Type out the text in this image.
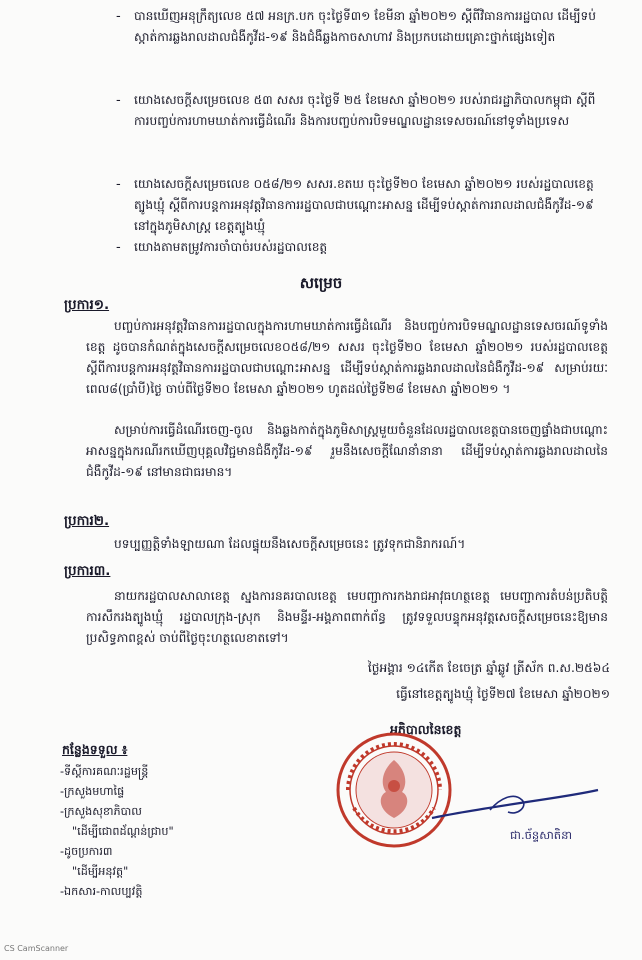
- បានឃើញអនុក្រឹត្យលេខ ៥៧ អនក្រ.បក ចុះថ្ងៃទី៣១ ខែមីនា ឆ្នាំ២០២១ ស្ដីពីវិធានការរដ្ឋបាល ដើម្បីទប់ស្កាត់ការឆ្លងរាលដាលជំងឺកូវីដ-១៩ និងជំងឺឆ្លងកាចសាហាវ និងប្រកបដោយគ្រោះថ្នាក់ផ្សេងទៀត
- យោងសេចក្តីសម្រេចលេខ ៥៣ សសរ ចុះថ្ងៃទី ២៥ ខែមេសា ឆ្នាំ២០២១ របស់រាជរដ្ឋាភិបាលកម្ពុជា ស្ដីពីការបញ្ចប់ការហាមឃាត់ការធ្វើដំណើរ និងការបញ្ចប់ការបិទមណ្ឌលដ្ឋានទេសចរណ៍នៅទូទាំងប្រទេស
- យោងសេចក្តីសម្រេចលេខ ០៥៨/២១ សសរ.ខតឃ ចុះថ្ងៃទី២០ ខែមេសា ឆ្នាំ២០២១ របស់រដ្ឋបាលខេត្តត្បូងឃ្មុំ ស្ដីពីការបន្តការអនុវត្តវិធានការរដ្ឋបាលជាបណ្តោះអាសន្ន ដើម្បីទប់ស្កាត់ការរាលដាលជំងឺកូវីដ-១៩ នៅក្នុងភូមិសាស្ត្រ ខេត្តត្បូងឃ្មុំ
- យោងតាមតម្រូវការចាំបាច់របស់រដ្ឋបាលខេត្ត
សម្រេច
ប្រការ១.
បញ្ចប់ការអនុវត្តវិធានការរដ្ឋបាលក្នុងការហាមឃាត់ការធ្វើដំណើរ និងបញ្ចប់ការបិទមណ្ឌលដ្ឋានទេសចរណ៍ទូទាំងខេត្ត ដូចបានកំណត់ក្នុងសេចក្តីសម្រេចលេខ០៥៨/២១ សសរ ចុះថ្ងៃទី២០ ខែមេសា ឆ្នាំ២០២១ របស់រដ្ឋបាលខេត្ត ស្ដីពីការបន្តការអនុវត្តវិធានការរដ្ឋបាលជាបណ្តោះអាសន្ន ដើម្បីទប់ស្កាត់ការឆ្លងរាលដាលនៃជំងឺកូវីដ-១៩ សម្រាប់រយៈពេល៨(ប្រាំបី)ថ្ងៃ ចាប់ពីថ្ងៃទី២០ ខែមេសា ឆ្នាំ២០២១ ហូតដល់ថ្ងៃទី២៨ ខែមេសា ឆ្នាំ២០២១ ។
សម្រាប់ការធ្វើដំណើរចេញ-ចូល និងឆ្លងកាត់ក្នុងភូមិសាស្ត្រមួយចំនួនដែលរដ្ឋបាលខេត្តបានចេញផ្ទាំងជាបណ្តោះអាសន្នក្នុងករណីរកឃើញបុគ្គលវិជ្ជមានជំងឺកូវីដ-១៩ រួមនឹងសេចក្តីណែនាំនានា ដើម្បីទប់ស្កាត់ការឆ្លងរាលដាលនៃជំងឺកូវីដ-១៩ នៅមានជាធរមាន។
ប្រការ២.
បទប្បញ្ញត្តិទាំងឡាយណា ដែលផ្ទុយនឹងសេចក្តីសម្រេចនេះ ត្រូវទុកជានិរាករណ៍។
ប្រការ៣.
នាយករដ្ឋបាលសាលាខេត្ត ស្នងការនគរបាលខេត្ត មេបញ្ជាការកងរាជអាវុធហត្ថខេត្ត មេបញ្ជាការតំបន់ប្រតិបត្តិការសឹករងត្បូងឃ្មុំ រដ្ឋបាលក្រុង-ស្រុក និងមន្ទីរ-អង្គភាពពាក់ព័ន្ធ ត្រូវទទួលបន្ទុកអនុវត្តសេចក្តីសម្រេចនេះឱ្យមានប្រសិទ្ធភាពខ្ពស់ ចាប់ពីថ្ងៃចុះហត្ថលេខាតទៅ។
ថ្ងៃអង្គារ ១៤កើត ខែចេត្រ ឆ្នាំឆ្លូវ ត្រីស័ក ព.ស.២៥៦៤
ធ្វើនៅខេត្តត្បូងឃ្មុំ ថ្ងៃទី២៧ ខែមេសា ឆ្នាំ២០២១
អភិបាលនៃខេត្ត
ជា.ច័ន្ទសាតិនា
កន្លែងទទួល ៖
-ទីស្ដីការគណៈរដ្ឋមន្ត្រី
-ក្រសួងមហាផ្ទៃ
-ក្រសួងសុខាភិបាល
"ដើម្បីជោពដ័ណ្តន់ជ្រាប"
-ដូចប្រការ៣
"ដើម្បីអនុវត្ត"
-ឯកសារ-កាលប្បវត្តិ
CS CamScanner
